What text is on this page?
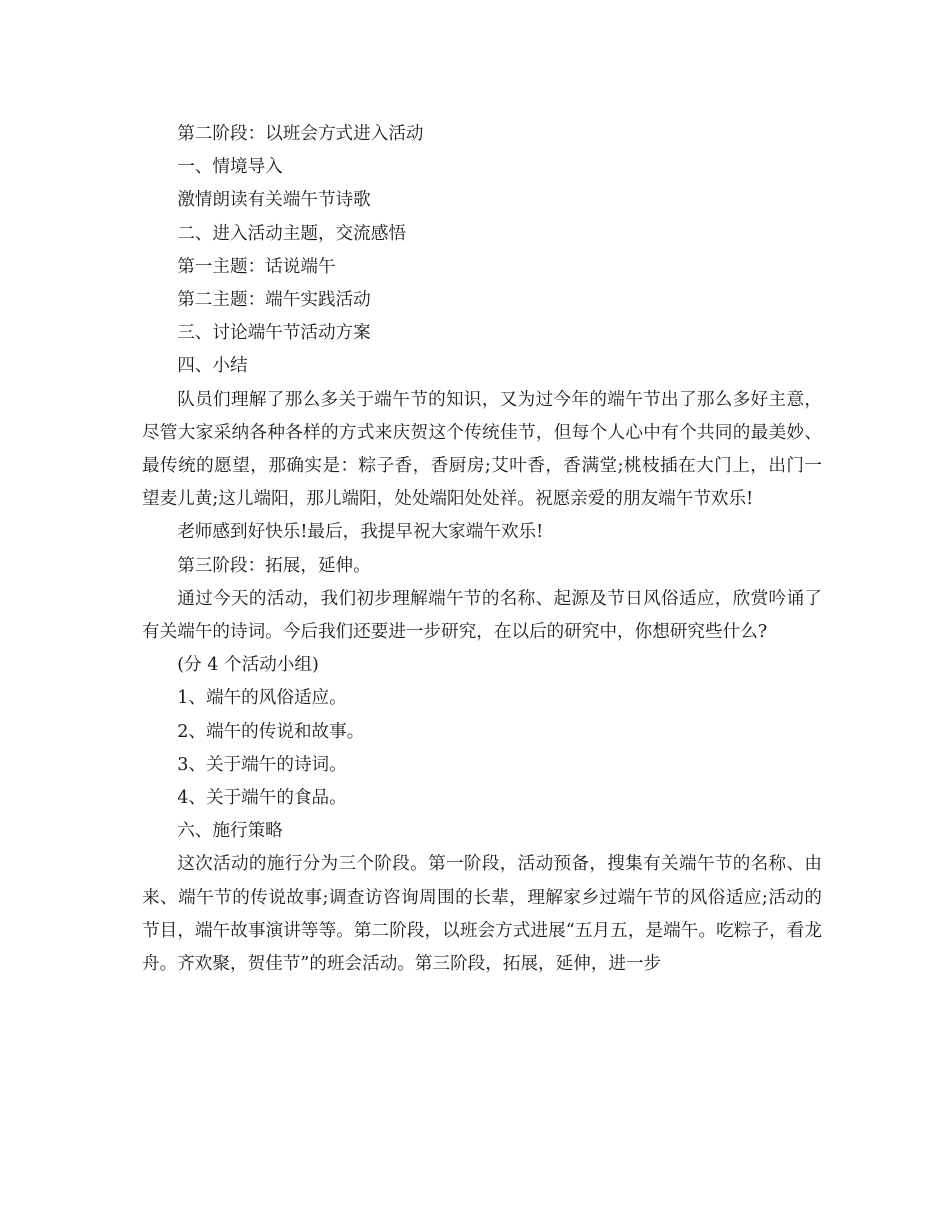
第二阶段：以班会方式进入活动

一、情境导入

激情朗读有关端午节诗歌

二、进入活动主题，交流感悟

第一主题：话说端午

第二主题：端午实践活动

三、讨论端午节活动方案

四、小结

队员们理解了那么多关于端午节的知识，又为过今年的端午节出了那么多好主意，尽管大家采纳各种各样的方式来庆贺这个传统佳节，但每个人心中有个共同的最美妙、最传统的愿望，那确实是：粽子香，香厨房;艾叶香，香满堂;桃枝插在大门上，出门一望麦儿黄;这儿端阳，那儿端阳，处处端阳处处祥。祝愿亲爱的朋友端午节欢乐!

老师感到好快乐!最后，我提早祝大家端午欢乐!

第三阶段：拓展，延伸。

通过今天的活动，我们初步理解端午节的名称、起源及节日风俗适应，欣赏吟诵了有关端午的诗词。今后我们还要进一步研究，在以后的研究中，你想研究些什么?

(分 4 个活动小组)

1、端午的风俗适应。

2、端午的传说和故事。

3、关于端午的诗词。

4、关于端午的食品。

六、施行策略

这次活动的施行分为三个阶段。第一阶段，活动预备，搜集有关端午节的名称、由来、端午节的传说故事;调查访咨询周围的长辈，理解家乡过端午节的风俗适应;活动的节目，端午故事演讲等等。第二阶段，以班会方式进展“五月五，是端午。吃粽子，看龙舟。齐欢聚，贺佳节”的班会活动。第三阶段，拓展，延伸，进一步
